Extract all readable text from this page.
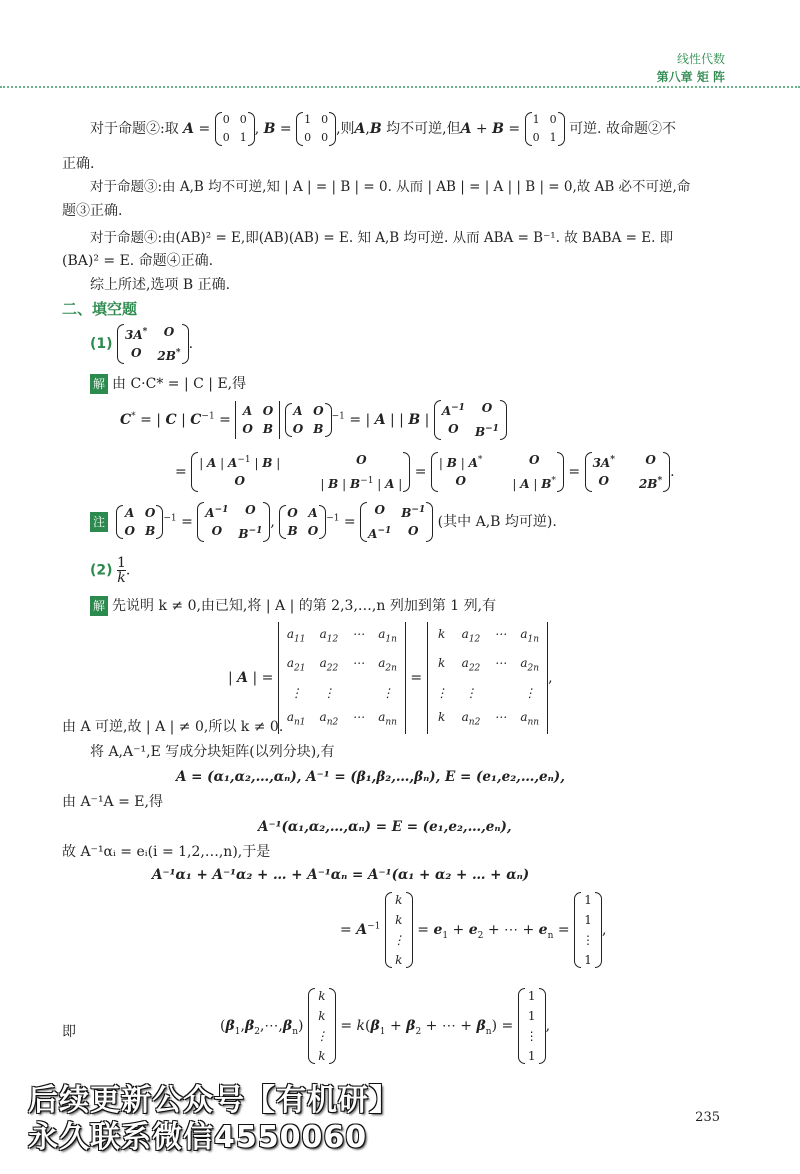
线性代数
第八章 矩 阵
对于命题②:取 A =
0 0
0 1
, B =
1 0
0 0
,则A,B 均不可逆,但A + B =
1 0
0 1
可逆. 故命题②不
正确.
对于命题③:由 A,B 均不可逆,知 | A | = | B | = 0. 从而 | AB | = | A | | B | = 0,故 AB 必不可逆,命
题③正确.
对于命题④:由(AB)² = E,即(AB)(AB) = E. 知 A,B 均可逆. 从而 ABA = B⁻¹. 故 BABA = E. 即
(BA)² = E. 命题④正确.
综上所述,选项 B 正确.
二、填空题
(1)
3A*	O
O	2B*
.
解 由 C·C* = | C | E,得
C* = | C | $C^{-1}$ =
A O
O B

A O
O B
$^{-1}$ = | A | | B |
$A^{-1}$	O
O	$B^{-1}$
=
| A | $A^{-1}$ | B |	O
O	| B | $B^{-1}$ | A |
=
| B | A*	O
O	| A | B*
=
3A*	O
O	2B*
.
注
A O
O B
$^{-1}$ =
$A^{-1}$	O
O	$B^{-1}$
,
O A
B O
$^{-1}$ =
O	$B^{-1}$
$A^{-1}$	O
(其中 A,B 均可逆).
$(2) \frac{1}{k}$.
解 先说明 k ≠ 0,由已知,将 | A | 的第 2,3,…,n 列加到第 1 列,有
| A | =
$a_{11}$ $a_{12}$ ⋯ $a_{1n}$
$a_{21}$ $a_{22}$ ⋯ $a_{2n}$
⋮ ⋮	⋮
$a_{n1}$ $a_{n2}$ ⋯ $a_{nn}$
=
k $a_{12}$ ⋯ $a_{1n}$
k $a_{22}$ ⋯ $a_{2n}$
⋮ ⋮	⋮
k $a_{n2}$ ⋯ $a_{nn}$
,
由 A 可逆,故 | A | ≠ 0,所以 k ≠ 0.
将 A,A⁻¹,E 写成分块矩阵(以列分块),有
A = (α₁,α₂,…,αₙ), A⁻¹ = (β₁,β₂,…,βₙ), E = (e₁,e₂,…,eₙ),
由 A⁻¹A = E,得
A⁻¹(α₁,α₂,…,αₙ) = E = (e₁,e₂,…,eₙ),
故 A⁻¹αᵢ = eᵢ(i = 1,2,…,n),于是
A⁻¹α₁ + A⁻¹α₂ + … + A⁻¹αₙ = A⁻¹(α₁ + α₂ + … + αₙ)
= $A^{-1}$
k
k
⋮
k
= $e_1 + e_2$ + ⋯ + $e_n$ =
1
1
⋮
1
,
即	$(\beta_1,\beta_2,\cdots,\beta_n)$
k
k
⋮
k
= $k(\beta_1 + \beta_2$ + ⋯ + $\beta_n$) =
1
1
⋮
1
,
后续更新公众号【有机研】
永久联系微信4550060
235
